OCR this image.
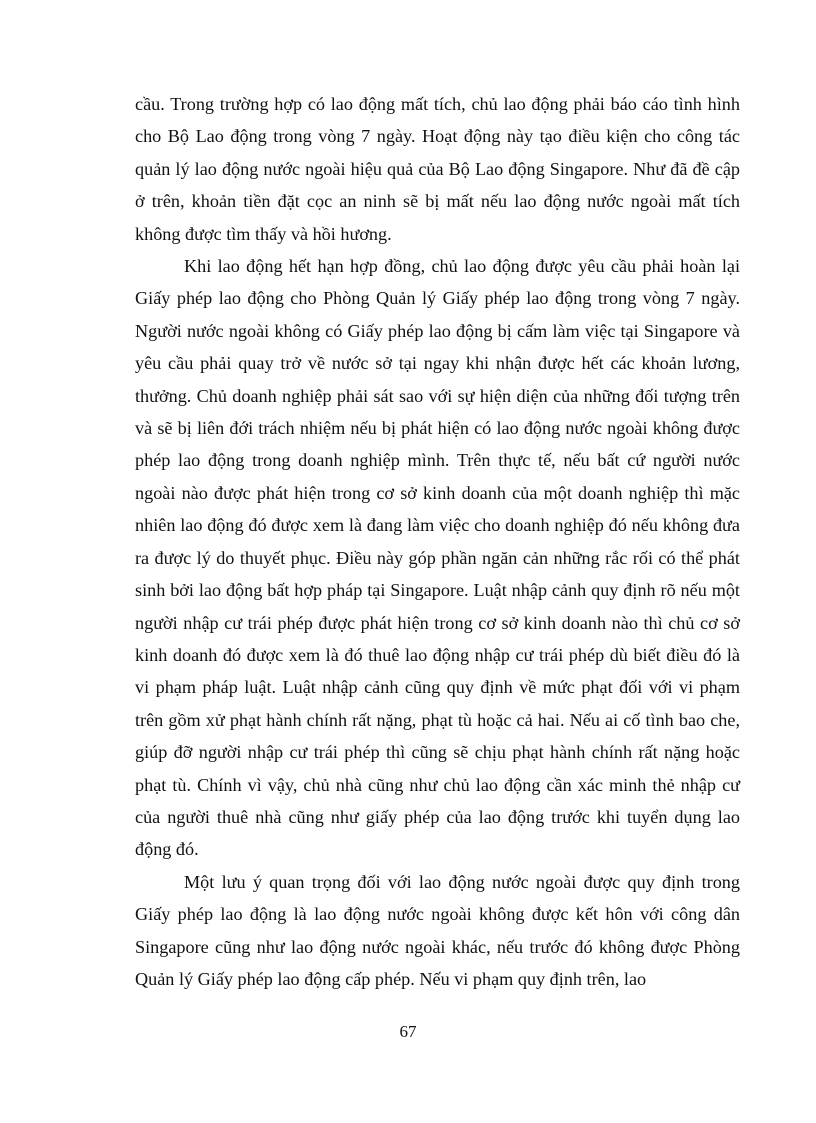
cầu. Trong trường hợp có lao động mất tích, chủ lao động phải báo cáo tình hình cho Bộ Lao động trong vòng 7 ngày. Hoạt động này tạo điều kiện cho công tác quản lý lao động nước ngoài hiệu quả của Bộ Lao động Singapore. Như đã đề cập ở trên, khoản tiền đặt cọc an ninh sẽ bị mất nếu lao động nước ngoài mất tích không được tìm thấy và hồi hương.

Khi lao động hết hạn hợp đồng, chủ lao động được yêu cầu phải hoàn lại Giấy phép lao động cho Phòng Quản lý Giấy phép lao động trong vòng 7 ngày. Người nước ngoài không có Giấy phép lao động bị cấm làm việc tại Singapore và yêu cầu phải quay trở về nước sở tại ngay khi nhận được hết các khoản lương, thưởng. Chủ doanh nghiệp phải sát sao với sự hiện diện của những đối tượng trên và sẽ bị liên đới trách nhiệm nếu bị phát hiện có lao động nước ngoài không được phép lao động trong doanh nghiệp mình. Trên thực tế, nếu bất cứ người nước ngoài nào được phát hiện trong cơ sở kinh doanh của một doanh nghiệp thì mặc nhiên lao động đó được xem là đang làm việc cho doanh nghiệp đó nếu không đưa ra được lý do thuyết phục. Điều này góp phần ngăn cản những rắc rối có thể phát sinh bởi lao động bất hợp pháp tại Singapore. Luật nhập cảnh quy định rõ nếu một người nhập cư trái phép được phát hiện trong cơ sở kinh doanh nào thì chủ cơ sở kinh doanh đó được xem là đó thuê lao động nhập cư trái phép dù biết điều đó là vi phạm pháp luật. Luật nhập cảnh cũng quy định về mức phạt đối với vi phạm trên gồm xử phạt hành chính rất nặng, phạt tù hoặc cả hai. Nếu ai cố tình bao che, giúp đỡ người nhập cư trái phép thì cũng sẽ chịu phạt hành chính rất nặng hoặc phạt tù. Chính vì vậy, chủ nhà cũng như chủ lao động cần xác minh thẻ nhập cư của người thuê nhà cũng như giấy phép của lao động trước khi tuyển dụng lao động đó.

Một lưu ý quan trọng đối với lao động nước ngoài được quy định trong Giấy phép lao động là lao động nước ngoài không được kết hôn với công dân Singapore cũng như lao động nước ngoài khác, nếu trước đó không được Phòng Quản lý Giấy phép lao động cấp phép. Nếu vi phạm quy định trên, lao

67
